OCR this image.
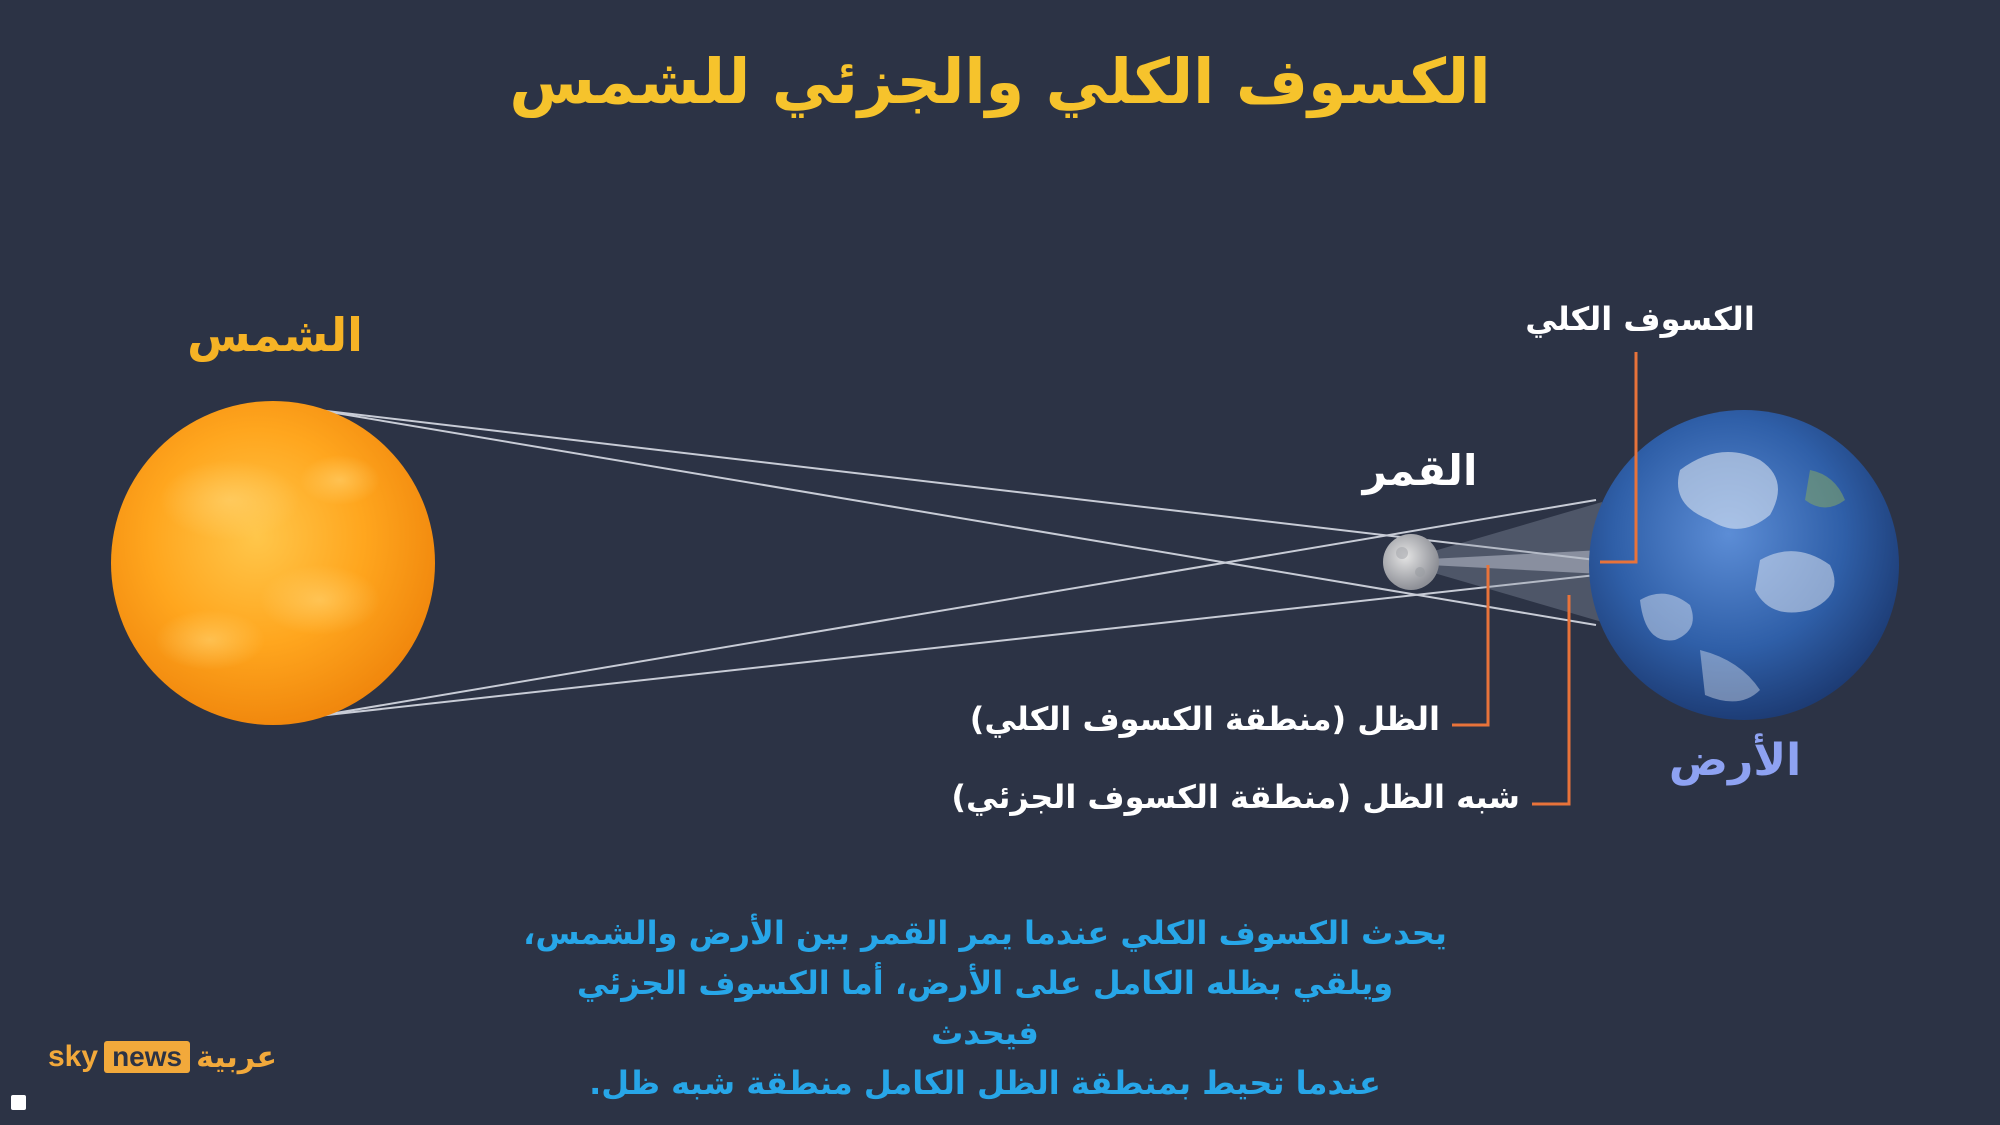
الكسوف الكلي والجزئي للشمس
الشمس
القمر
الأرض
الكسوف الكلي
الظل (منطقة الكسوف الكلي)
شبه الظل (منطقة الكسوف الجزئي)
يحدث الكسوف الكلي عندما يمر القمر بين الأرض والشمس،
ويلقي بظله الكامل على الأرض، أما الكسوف الجزئي فيحدث
عندما تحيط بمنطقة الظل الكامل منطقة شبه ظل.
sky news عربية
